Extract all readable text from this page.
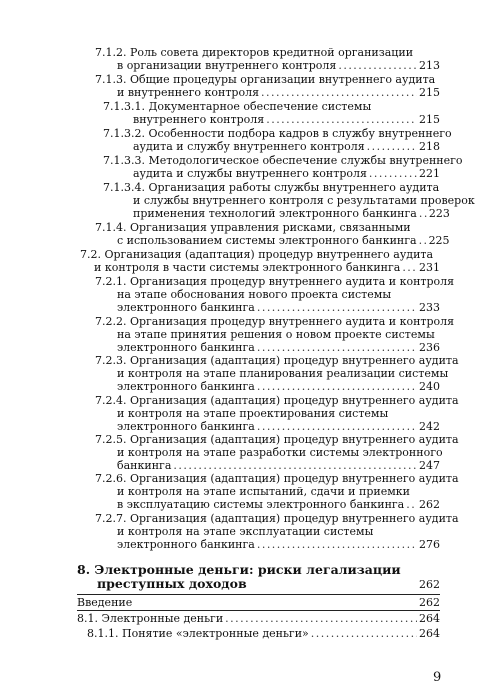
7.1.2. Роль совета директоров кредитной организации
в организации внутреннего контроля . . .	213
7.1.3. Общие процедуры организации внутреннего аудита
и внутреннего контроля . . .	215
7.1.3.1. Документарное обеспечение системы
внутреннего контроля . . .	215
7.1.3.2. Особенности подбора кадров в службу внутреннего
аудита и службу внутреннего контроля . . .	218
7.1.3.3. Методологическое обеспечение службы внутреннего
аудита и службы внутреннего контроля . . .	221
7.1.3.4. Организация работы службы внутреннего аудита
и службы внутреннего контроля с результатами проверок
применения технологий электронного банкинга . . . 223
7.1.4. Организация управления рисками, связанными
с использованием системы электронного банкинга . . . 225
7.2. Организация (адаптация) процедур внутреннего аудита
и контроля в части системы электронного банкинга . . . 231
7.2.1. Организация процедур внутреннего аудита и контроля
на этапе обоснования нового проекта системы
электронного банкинга . . .	233
7.2.2. Организация процедур внутреннего аудита и контроля
на этапе принятия решения о новом проекте системы
электронного банкинга . . .	236
7.2.3. Организация (адаптация) процедур внутреннего аудита
и контроля на этапе планирования реализации системы
электронного банкинга . . .	240
7.2.4. Организация (адаптация) процедур внутреннего аудита
и контроля на этапе проектирования системы
электронного банкинга . . .	242
7.2.5. Организация (адаптация) процедур внутреннего аудита
и контроля на этапе разработки системы электронного
банкинга . . .	247
7.2.6. Организация (адаптация) процедур внутреннего аудита
и контроля на этапе испытаний, сдачи и приемки
в эксплуатацию системы электронного банкинга . . . 262
7.2.7. Организация (адаптация) процедур внутреннего аудита
и контроля на этапе эксплуатации системы
электронного банкинга . . .	276
8. Электронные деньги: риски легализации
преступных доходов	262
Введение	262
8.1. Электронные деньги . . .	264
8.1.1. Понятие «электронные деньги» . . .	264
9
